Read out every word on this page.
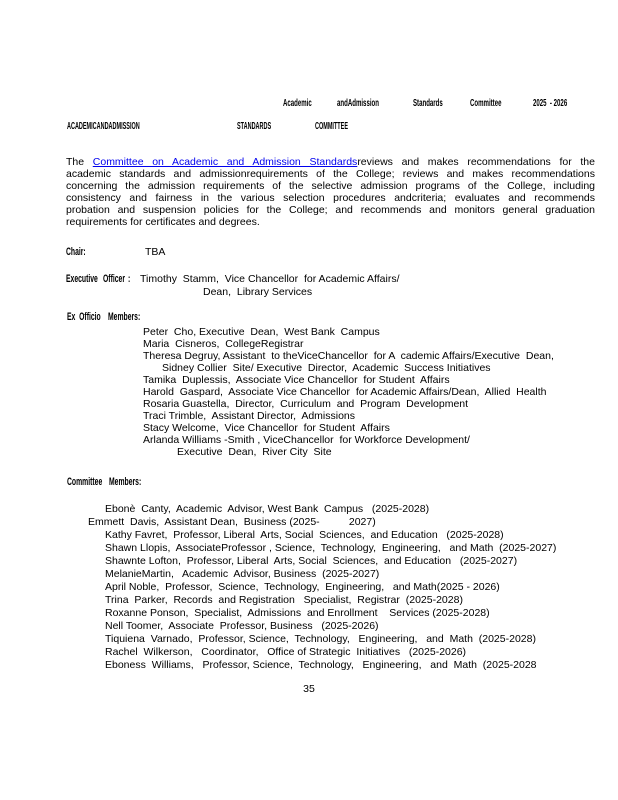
Academic andAdmission	Standards	Committee	2025  - 2026
ACADEMICANDADMISSION	STANDARDS	COMMITTEE
The Committee on Academic and Admission Standardsreviews and makes recommendations for the
academic standards and admissionrequirements of the College; reviews and makes recommendations
concerning the admission requirements of the selective admission programs of the College, including
consistency and fairness in the various selection procedures andcriteria; evaluates and recommends
probation and suspension policies for the College; and recommends and monitors general graduation
requirements for certificates and degrees.
Chair:	TBA
Executive Officer : Timothy  Stamm,  Vice Chancellor  for Academic Affairs/
Dean,  Library Services
Ex  Officio Members:
Peter  Cho, Executive  Dean,  West Bank  Campus
Maria  Cisneros,  CollegeRegistrar
Theresa Degruy, Assistant  to theViceChancellor  for A  cademic Affairs/Executive  Dean,
Sidney Collier  Site/ Executive  Director,  Academic  Success Initiatives
Tamika  Duplessis,  Associate Vice Chancellor  for Student  Affairs
Harold  Gaspard,  Associate Vice Chancellor  for Academic Affairs/Dean,  Allied  Health
Rosaria Guastella,  Director,  Curriculum  and  Program  Development
Traci Trimble,  Assistant Director,  Admissions
Stacy Welcome,  Vice Chancellor  for Student  Affairs
Arlanda Williams -Smith , ViceChancellor  for Workforce Development/
Executive  Dean,  River City  Site
Committee Members:
Ebonè  Canty,  Academic  Advisor, West Bank  Campus   (2025-2028)
Emmett  Davis,  Assistant Dean,  Business (2025-          2027)
Kathy Favret,  Professor, Liberal  Arts, Social  Sciences,  and Education   (2025-2028)
Shawn Llopis,  AssociateProfessor , Science,  Technology,  Engineering,   and Math  (2025-2027)
Shawnte Lofton,  Professor, Liberal  Arts, Social  Sciences,  and Education   (2025-2027)
MelanieMartin,   Academic  Advisor, Business  (2025-2027)
April Noble,  Professor,  Science,  Technology,  Engineering,   and Math(2025 - 2026)
Trina  Parker,  Records  and Registration   Specialist,  Registrar  (2025-2028)
Roxanne Ponson,  Specialist,  Admissions  and Enrollment    Services (2025-2028)
Nell Toomer,  Associate  Professor, Business   (2025-2026)
Tiquiena  Varnado,  Professor, Science,  Technology,   Engineering,   and  Math  (2025-2028)
Rachel  Wilkerson,   Coordinator,   Office of Strategic  Initiatives   (2025-2026)
Eboness  Williams,   Professor, Science,  Technology,   Engineering,   and  Math  (2025-2028
35
